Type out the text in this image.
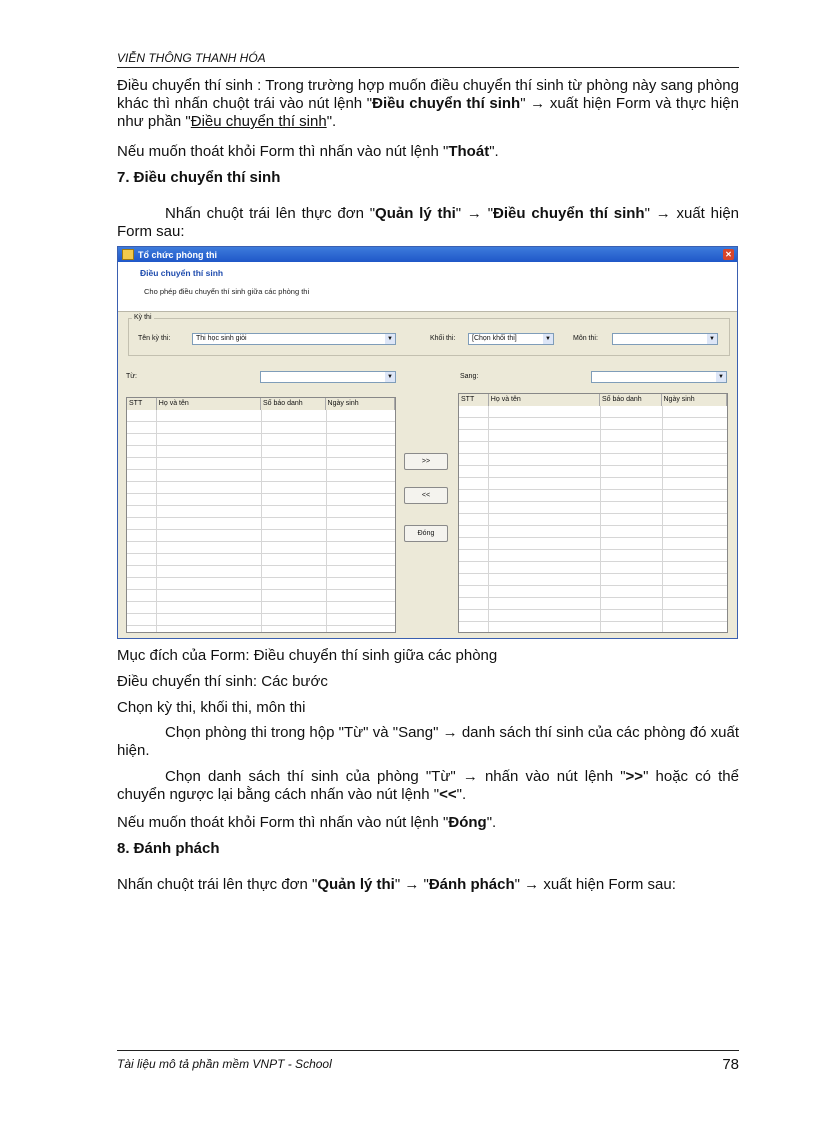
VIỄN THÔNG THANH HÓA
Điều chuyển thí sinh : Trong trường hợp muốn điều chuyển thí sinh từ phòng này sang phòng khác thì nhấn chuột trái vào nút lệnh "Điều chuyển thí sinh" → xuất hiện Form và thực hiện như phần "Điều chuyển thí sinh".
Nếu muốn thoát khỏi Form thì nhấn vào nút lệnh "Thoát".
7. Điều chuyển thí sinh
Nhấn chuột trái lên thực đơn "Quản lý thi" → "Điều chuyển thí sinh" → xuất hiện Form sau:
Tổ chức phòng thi	✕
Điều chuyển thí sinh
Cho phép điều chuyển thí sinh giữa các phòng thi
Kỳ thi
Tên kỳ thi:	Thi học sinh giỏi	▼	Khối thi:	[Chọn khối thi]	▼	Môn thi:	▼
Từ:	▼	Sang:	▼
STT	Họ và tên	Số báo danh	Ngày sinh
>>
<<
Đóng
STT	Họ và tên	Số báo danh	Ngày sinh
Mục đích của Form: Điều chuyển thí sinh giữa các phòng
Điều chuyển thí sinh: Các bước
Chọn kỳ thi, khối thi, môn thi
Chọn phòng thi trong hộp "Từ" và "Sang" → danh sách thí sinh của các phòng đó xuất hiện.
Chọn danh sách thí sinh của phòng "Từ" → nhấn vào nút lệnh ">>" hoặc có thể chuyển ngược lại bằng cách nhấn vào nút lệnh "<<".
Nếu muốn thoát khỏi Form thì nhấn vào nút lệnh "Đóng".
8. Đánh phách
Nhấn chuột trái lên thực đơn "Quản lý thi" → "Đánh phách" → xuất hiện Form sau:
Tài liệu mô tả phần mềm VNPT - School	78
